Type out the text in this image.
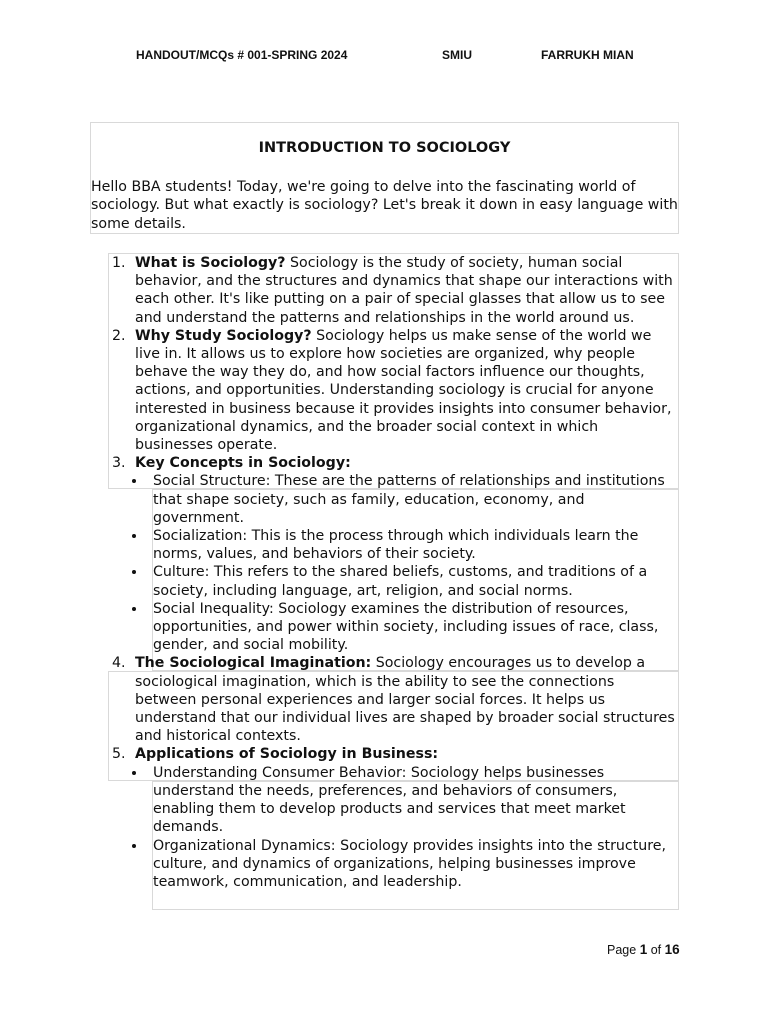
HANDOUT/MCQs # 001-SPRING 2024	SMIU	FARRUKH MIAN
INTRODUCTION TO SOCIOLOGY
Hello BBA students! Today, we're going to delve into the fascinating world of sociology. But what exactly is sociology? Let's break it down in easy language with some details.
1. What is Sociology? Sociology is the study of society, human social behavior, and the structures and dynamics that shape our interactions with each other. It's like putting on a pair of special glasses that allow us to see and understand the patterns and relationships in the world around us.
2. Why Study Sociology? Sociology helps us make sense of the world we live in. It allows us to explore how societies are organized, why people behave the way they do, and how social factors influence our thoughts, actions, and opportunities. Understanding sociology is crucial for anyone interested in business because it provides insights into consumer behavior, organizational dynamics, and the broader social context in which businesses operate.
3. Key Concepts in Sociology:
Social Structure: These are the patterns of relationships and institutions that shape society, such as family, education, economy, and government.
Socialization: This is the process through which individuals learn the norms, values, and behaviors of their society.
Culture: This refers to the shared beliefs, customs, and traditions of a society, including language, art, religion, and social norms.
Social Inequality: Sociology examines the distribution of resources, opportunities, and power within society, including issues of race, class, gender, and social mobility.
4. The Sociological Imagination: Sociology encourages us to develop a sociological imagination, which is the ability to see the connections between personal experiences and larger social forces. It helps us understand that our individual lives are shaped by broader social structures and historical contexts.
5. Applications of Sociology in Business:
Understanding Consumer Behavior: Sociology helps businesses understand the needs, preferences, and behaviors of consumers, enabling them to develop products and services that meet market demands.
Organizational Dynamics: Sociology provides insights into the structure, culture, and dynamics of organizations, helping businesses improve teamwork, communication, and leadership.
Page 1 of 16
